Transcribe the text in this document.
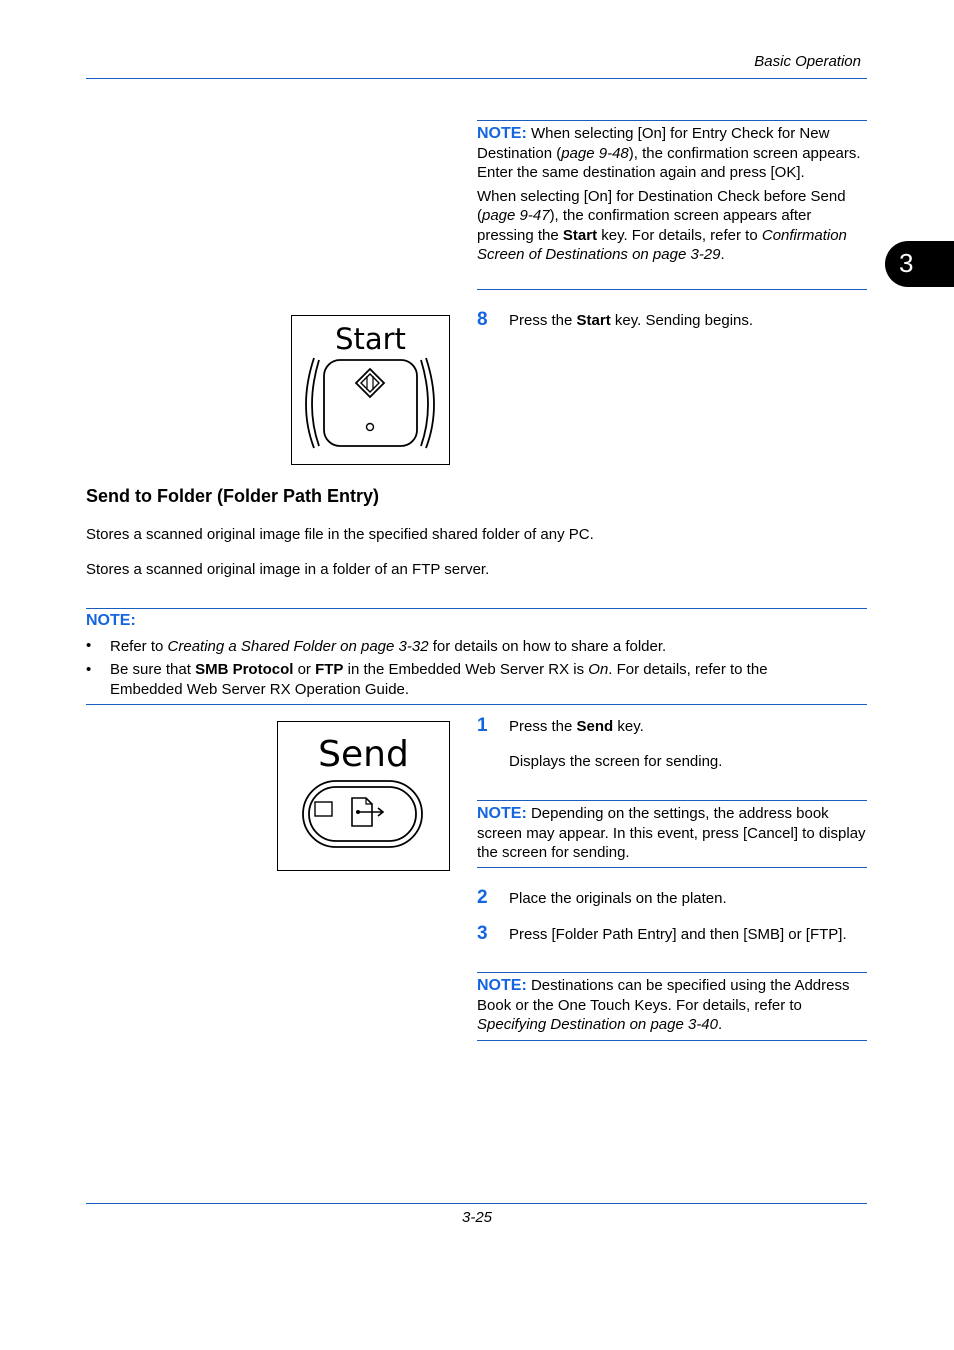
Basic Operation
3
NOTE: When selecting [On] for Entry Check for New Destination (page 9-48), the confirmation screen appears. Enter the same destination again and press [OK].
When selecting [On] for Destination Check before Send (page 9-47), the confirmation screen appears after pressing the Start key. For details, refer to Confirmation Screen of Destinations on page 3-29.
Start
8 Press the Start key. Sending begins.
Send to Folder (Folder Path Entry)
Stores a scanned original image file in the specified shared folder of any PC.
Stores a scanned original image in a folder of an FTP server.
NOTE:
• Refer to Creating a Shared Folder on page 3-32 for details on how to share a folder.
• Be sure that SMB Protocol or FTP in the Embedded Web Server RX is On. For details, refer to the Embedded Web Server RX Operation Guide.
Send
1 Press the Send key.
Displays the screen for sending.
NOTE: Depending on the settings, the address book screen may appear. In this event, press [Cancel] to display the screen for sending.
2 Place the originals on the platen.
3 Press [Folder Path Entry] and then [SMB] or [FTP].
NOTE: Destinations can be specified using the Address Book or the One Touch Keys. For details, refer to Specifying Destination on page 3-40.
3-25
